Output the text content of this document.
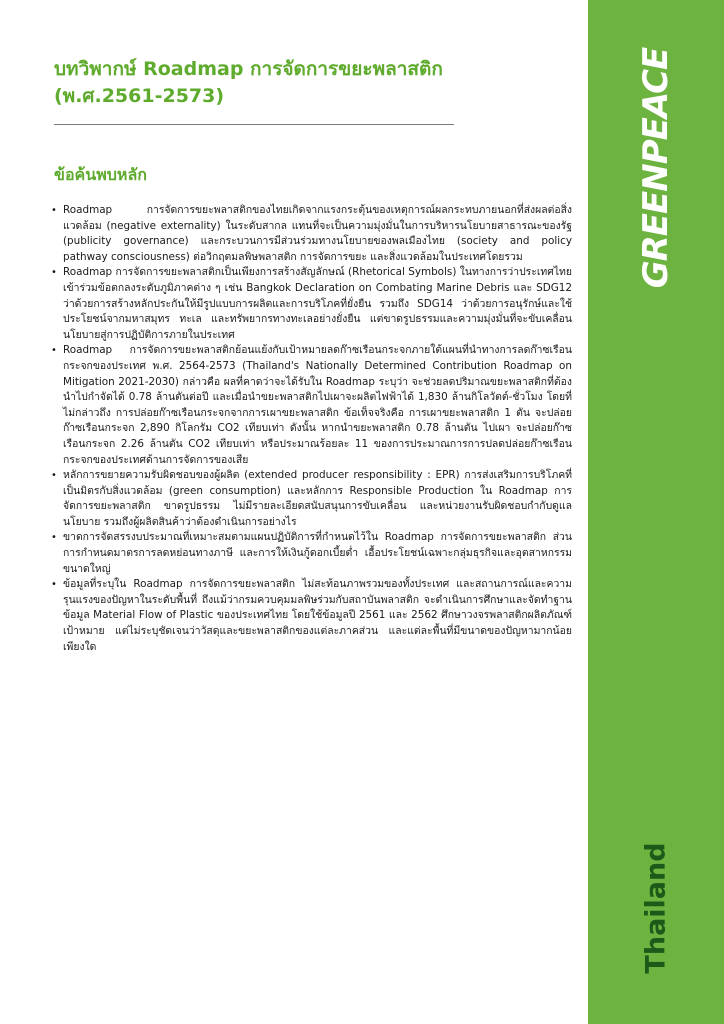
บทวิพากษ์ Roadmap การจัดการขยะพลาสติก
(พ.ศ.2561-2573)
ข้อค้นพบหลัก
• Roadmap การจัดการขยะพลาสติกของไทยเกิดจากแรงกระตุ้นของเหตุการณ์ผลกระทบภายนอกที่ส่งผลต่อสิ่งแวดล้อม (negative externality) ในระดับสากล แทนที่จะเป็นความมุ่งมั่นในการบริหารนโยบายสาธารณะของรัฐ (publicity governance) และกระบวนการมีส่วนร่วมทางนโยบายของพลเมืองไทย (society and policy pathway consciousness) ต่อวิกฤตมลพิษพลาสติก การจัดการขยะ และสิ่งแวดล้อมในประเทศโดยรวม
• Roadmap การจัดการขยะพลาสติกเป็นเพียงการสร้างสัญลักษณ์ (Rhetorical Symbols) ในทางการว่าประเทศไทยเข้าร่วมข้อตกลงระดับภูมิภาคต่าง ๆ เช่น Bangkok Declaration on Combating Marine Debris และ SDG12 ว่าด้วยการสร้างหลักประกันให้มีรูปแบบการผลิตและการบริโภคที่ยั่งยืน รวมถึง SDG14 ว่าด้วยการอนุรักษ์และใช้ประโยชน์จากมหาสมุทร ทะเล และทรัพยากรทางทะเลอย่างยั่งยืน แต่ขาดรูปธรรมและความมุ่งมั่นที่จะขับเคลื่อนนโยบายสู่การปฏิบัติการภายในประเทศ
• Roadmap การจัดการขยะพลาสติกย้อนแย้งกับเป้าหมายลดก๊าซเรือนกระจกภายใต้แผนที่นำทางการลดก๊าซเรือนกระจกของประเทศ พ.ศ. 2564-2573 (Thailand's Nationally Determined Contribution Roadmap on Mitigation 2021-2030) กล่าวคือ ผลที่คาดว่าจะได้รับใน Roadmap ระบุว่า จะช่วยลดปริมาณขยะพลาสติกที่ต้องนำไปกำจัดได้ 0.78 ล้านตันต่อปี และเมื่อนำขยะพลาสติกไปเผาจะผลิตไฟฟ้าได้ 1,830 ล้านกิโลวัตต์-ชั่วโมง โดยที่ไม่กล่าวถึง การปล่อยก๊าซเรือนกระจกจากการเผาขยะพลาสติก ข้อเท็จจริงคือ การเผาขยะพลาสติก 1 ตัน จะปล่อยก๊าซเรือนกระจก 2,890 กิโลกรัม CO2 เทียบเท่า ดังนั้น หากนำขยะพลาสติก 0.78 ล้านตัน ไปเผา จะปล่อยก๊าซเรือนกระจก 2.26 ล้านตัน CO2 เทียบเท่า หรือประมาณร้อยละ 11 ของการประมาณการการปลดปล่อยก๊าซเรือนกระจกของประเทศด้านการจัดการของเสีย
• หลักการขยายความรับผิดชอบของผู้ผลิต (extended producer responsibility : EPR) การส่งเสริมการบริโภคที่เป็นมิตรกับสิ่งแวดล้อม (green consumption) และหลักการ Responsible Production ใน Roadmap การจัดการขยะพลาสติก ขาดรูปธรรม ไม่มีรายละเอียดสนับสนุนการขับเคลื่อน และหน่วยงานรับผิดชอบกำกับดูแลนโยบาย รวมถึงผู้ผลิตสินค้าว่าต้องดำเนินการอย่างไร
• ขาดการจัดสรรงบประมาณที่เหมาะสมตามแผนปฏิบัติการที่กำหนดไว้ใน Roadmap การจัดการขยะพลาสติก ส่วนการกำหนดมาตรการลดหย่อนทางภาษี และการให้เงินกู้ดอกเบี้ยต่ำ เอื้อประโยชน์เฉพาะกลุ่มธุรกิจและอุตสาหกรรมขนาดใหญ่
• ข้อมูลที่ระบุใน Roadmap การจัดการขยะพลาสติก ไม่สะท้อนภาพรวมของทั้งประเทศ และสถานการณ์และความรุนแรงของปัญหาในระดับพื้นที่ ถึงแม้ว่ากรมควบคุมมลพิษร่วมกับสถาบันพลาสติก จะดำเนินการศึกษาและจัดทำฐานข้อมูล Material Flow of Plastic ของประเทศไทย โดยใช้ข้อมูลปี 2561 และ 2562 ศึกษาวงจรพลาสติกผลิตภัณฑ์เป้าหมาย แต่ไม่ระบุชัดเจนว่าวัสดุและขยะพลาสติกของแต่ละภาคส่วน และแต่ละพื้นที่มีขนาดของปัญหามากน้อยเพียงใด
GREENPEACE
Thailand
